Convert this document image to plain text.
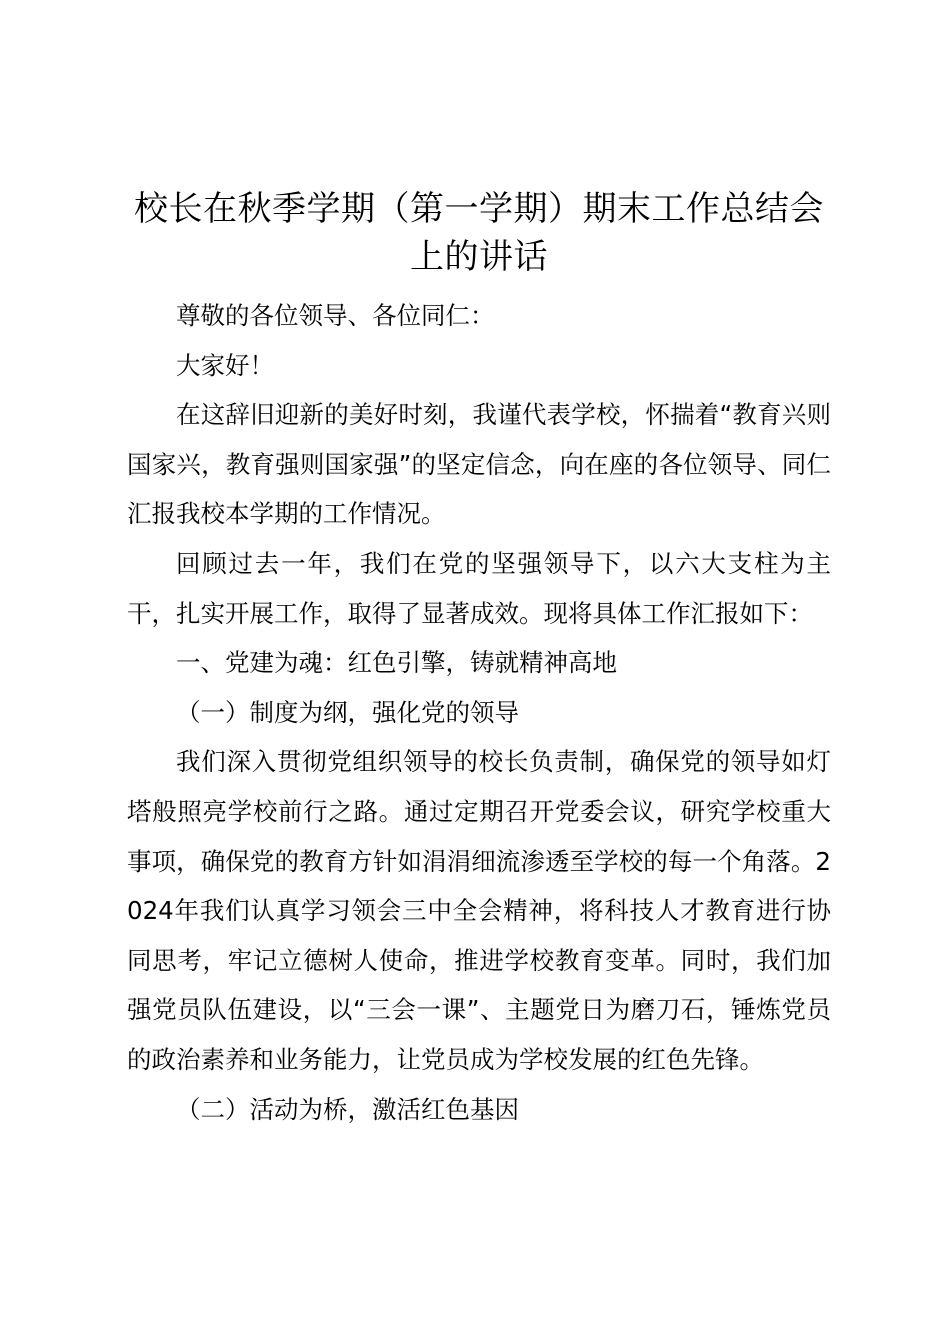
校长在秋季学期（第一学期）期末工作总结会上的讲话

尊敬的各位领导、各位同仁：

大家好！

在这辞旧迎新的美好时刻，我谨代表学校，怀揣着“教育兴则国家兴，教育强则国家强”的坚定信念，向在座的各位领导、同仁汇报我校本学期的工作情况。

回顾过去一年，我们在党的坚强领导下，以六大支柱为主干，扎实开展工作，取得了显著成效。现将具体工作汇报如下：

一、党建为魂：红色引擎，铸就精神高地

（一）制度为纲，强化党的领导

我们深入贯彻党组织领导的校长负责制，确保党的领导如灯塔般照亮学校前行之路。通过定期召开党委会议，研究学校重大事项，确保党的教育方针如涓涓细流渗透至学校的每一个角落。2024年我们认真学习领会三中全会精神，将科技人才教育进行协同思考，牢记立德树人使命，推进学校教育变革。同时，我们加强党员队伍建设，以“三会一课”、主题党日为磨刀石，锤炼党员的政治素养和业务能力，让党员成为学校发展的红色先锋。

（二）活动为桥，激活红色基因
